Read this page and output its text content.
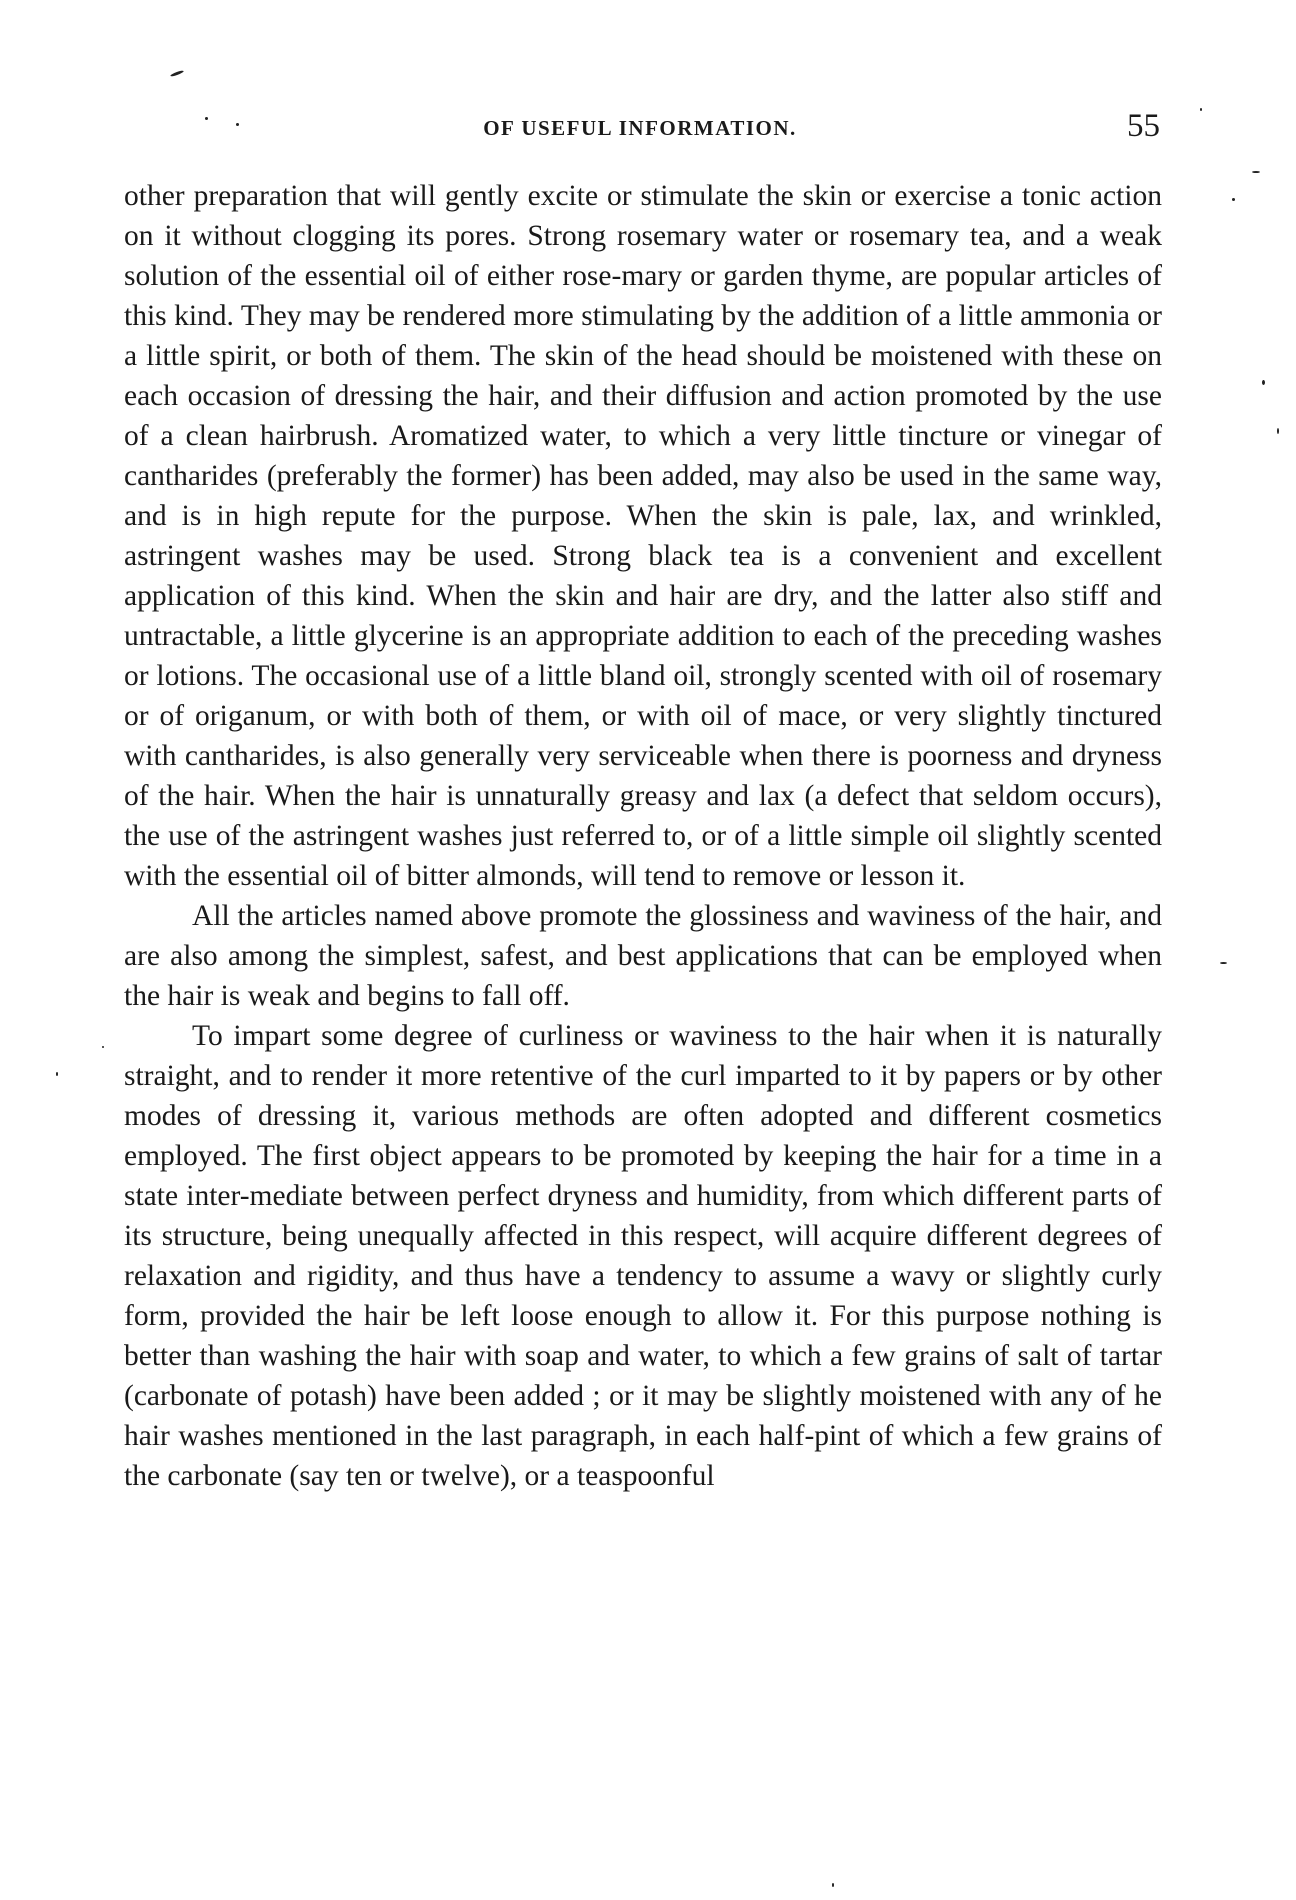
OF USEFUL INFORMATION.	55

other preparation that will gently excite or stimulate the skin or exercise a tonic action on it without clogging its pores. Strong rosemary water or rosemary tea, and a weak solution of the essential oil of either rose-mary or garden thyme, are popular articles of this kind. They may be rendered more stimulating by the addition of a little ammonia or a little spirit, or both of them. The skin of the head should be moistened with these on each occasion of dressing the hair, and their diffusion and action promoted by the use of a clean hairbrush. Aromatized water, to which a very little tincture or vinegar of cantharides (preferably the former) has been added, may also be used in the same way, and is in high repute for the purpose. When the skin is pale, lax, and wrinkled, astringent washes may be used. Strong black tea is a convenient and excellent application of this kind. When the skin and hair are dry, and the latter also stiff and untractable, a little glycerine is an appropriate addition to each of the preceding washes or lotions. The occasional use of a little bland oil, strongly scented with oil of rosemary or of origanum, or with both of them, or with oil of mace, or very slightly tinctured with cantharides, is also generally very serviceable when there is poorness and dryness of the hair. When the hair is unnaturally greasy and lax (a defect that seldom occurs), the use of the astringent washes just referred to, or of a little simple oil slightly scented with the essential oil of bitter almonds, will tend to remove or lesson it.

All the articles named above promote the glossiness and waviness of the hair, and are also among the simplest, safest, and best applications that can be employed when the hair is weak and begins to fall off.

To impart some degree of curliness or waviness to the hair when it is naturally straight, and to render it more retentive of the curl imparted to it by papers or by other modes of dressing it, various methods are often adopted and different cosmetics employed. The first object appears to be promoted by keeping the hair for a time in a state inter-mediate between perfect dryness and humidity, from which different parts of its structure, being unequally affected in this respect, will acquire different degrees of relaxation and rigidity, and thus have a tendency to assume a wavy or slightly curly form, provided the hair be left loose enough to allow it. For this purpose nothing is better than washing the hair with soap and water, to which a few grains of salt of tartar (carbonate of potash) have been added ; or it may be slightly moistened with any of he hair washes mentioned in the last paragraph, in each half-pint of which a few grains of the carbonate (say ten or twelve), or a teaspoonful
